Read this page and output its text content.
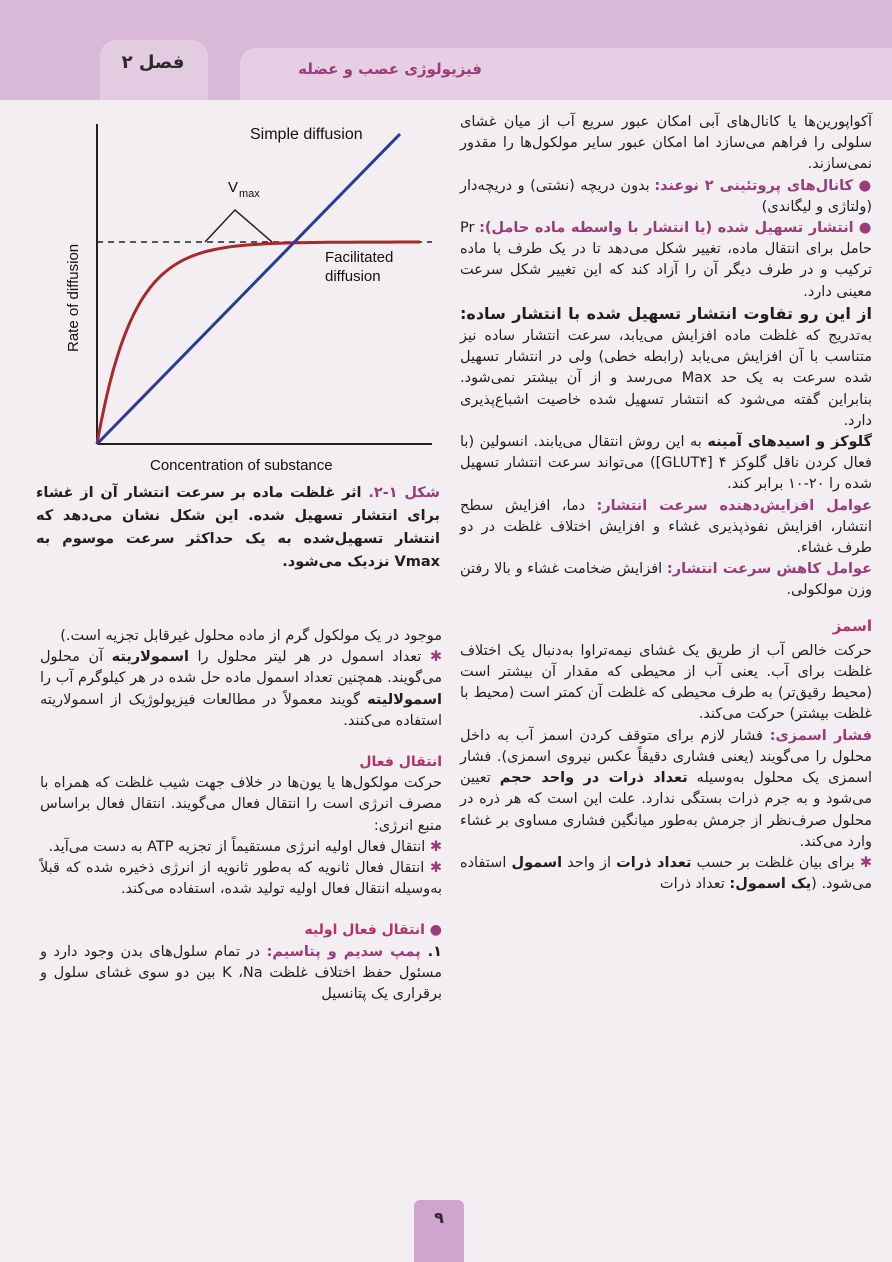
فصل ۲	فیزیولوژی عصب و عضله
Simple diffusion
V max
Facilitated
diffusion
Rate of diffusion
Concentration of substance
شکل ۱-۲. اثر غلظت ماده بر سرعت انتشار آن از غشاء برای انتشار تسهیل شده. این شکل نشان می‌دهد که انتشار تسهیل‌شده به یک حداکثر سرعت موسوم به Vmax نزدیک می‌شود.

آکواپورین‌ها یا کانال‌های آبی امکان عبور سریع آب از میان غشای سلولی را فراهم می‌سازد اما امکان عبور سایر مولکول‌ها را مقدور نمی‌سازند.

● کانال‌های پروتئینی ۲ نوعند: بدون دریچه (نشتی) و دریچه‌دار (ولتاژی و لیگاندی)

● انتشار تسهیل شده (یا انتشار با واسطه ماده حامل): Pr حامل برای انتقال ماده، تغییر شکل می‌دهد تا در یک طرف با ماده ترکیب و در طرف دیگر آن را آزاد کند که این تغییر شکل سرعت معینی دارد.

از این رو تفاوت انتشار تسهیل شده با انتشار ساده: به‌تدریج که غلظت ماده افزایش می‌یابد، سرعت انتشار ساده نیز متناسب با آن افزایش می‌یابد (رابطه خطی) ولی در انتشار تسهیل شده سرعت به یک حد Max می‌رسد و از آن بیشتر نمی‌شود. بنابراین گفته می‌شود که انتشار تسهیل شده خاصیت اشباع‌پذیری دارد.

گلوکز و اسیدهای آمینه به این روش انتقال می‌یابند. انسولین (با فعال کردن ناقل گلوکز ۴ [GLUT۴]) می‌تواند سرعت انتشار تسهیل شده را ۲۰-۱۰ برابر کند.

عوامل افزایش‌دهنده سرعت انتشار: دما، افزایش سطح انتشار، افزایش نفوذپذیری غشاء و افزایش اختلاف غلظت در دو طرف غشاء.

عوامل کاهش سرعت انتشار: افزایش ضخامت غشاء و بالا رفتن وزن مولکولی.

اسمز

حرکت خالص آب از طریق یک غشای نیمه‌تراوا به‌دنبال یک اختلاف غلظت برای آب. یعنی آب از محیطی که مقدار آن بیشتر است (محیط رقیق‌تر) به طرف محیطی که غلظت آن کمتر است (محیط با غلظت بیشتر) حرکت می‌کند.

فشار اسمزی: فشار لازم برای متوقف کردن اسمز آب به داخل محلول را می‌گویند (یعنی فشاری دقیقاً عکس نیروی اسمزی). فشار اسمزی یک محلول به‌وسیله تعداد ذرات در واحد حجم تعیین می‌شود و به جرم ذرات بستگی ندارد. علت این است که هر ذره در محلول صرف‌نظر از جرمش به‌طور میانگین فشاری مساوی بر غشاء وارد می‌کند.

✱ برای بیان غلظت بر حسب تعداد ذرات از واحد اسمول استفاده می‌شود. (یک اسمول: تعداد ذرات

موجود در یک مولکول گرم از ماده محلول غیرقابل تجزیه است.)

✱ تعداد اسمول در هر لیتر محلول را اسمولاریته آن محلول می‌گویند. همچنین تعداد اسمول ماده حل شده در هر کیلوگرم آب را اسمولالیته گویند معمولاً در مطالعات فیزیولوژیک از اسمولاریته استفاده می‌کنند.

انتقال فعال

حرکت مولکول‌ها یا یون‌ها در خلاف جهت شیب غلظت که همراه با مصرف انرژی است را انتقال فعال می‌گویند. انتقال فعال براساس منبع انرژی:

✱ انتقال فعال اولیه انرژی مستقیماً از تجزیه ATP به دست می‌آید.

✱ انتقال فعال ثانویه که به‌طور ثانویه از انرژی ذخیره شده که قبلاً به‌وسیله انتقال فعال اولیه تولید شده، استفاده می‌کند.

● انتقال فعال اولیه

۱. پمپ سدیم و پتاسیم: در تمام سلول‌های بدن وجود دارد و مسئول حفظ اختلاف غلظت K ،Na بین دو سوی غشای سلول و برقراری یک پتانسیل

۹
